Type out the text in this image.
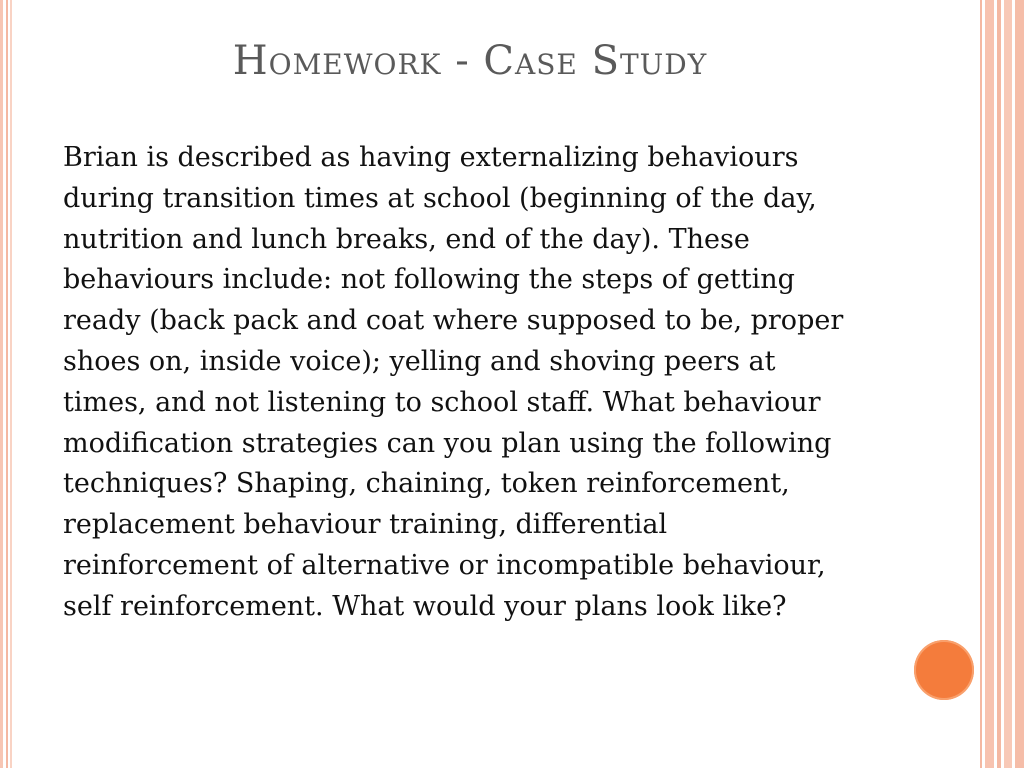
Homework - Case Study
Brian is described as having externalizing behaviours
during transition times at school (beginning of the day,
nutrition and lunch breaks, end of the day). These
behaviours include: not following the steps of getting
ready (back pack and coat where supposed to be, proper
shoes on, inside voice); yelling and shoving peers at
times, and not listening to school staff. What behaviour
modification strategies can you plan using the following
techniques? Shaping, chaining, token reinforcement,
replacement behaviour training, differential
reinforcement of alternative or incompatible behaviour,
self reinforcement. What would your plans look like?
